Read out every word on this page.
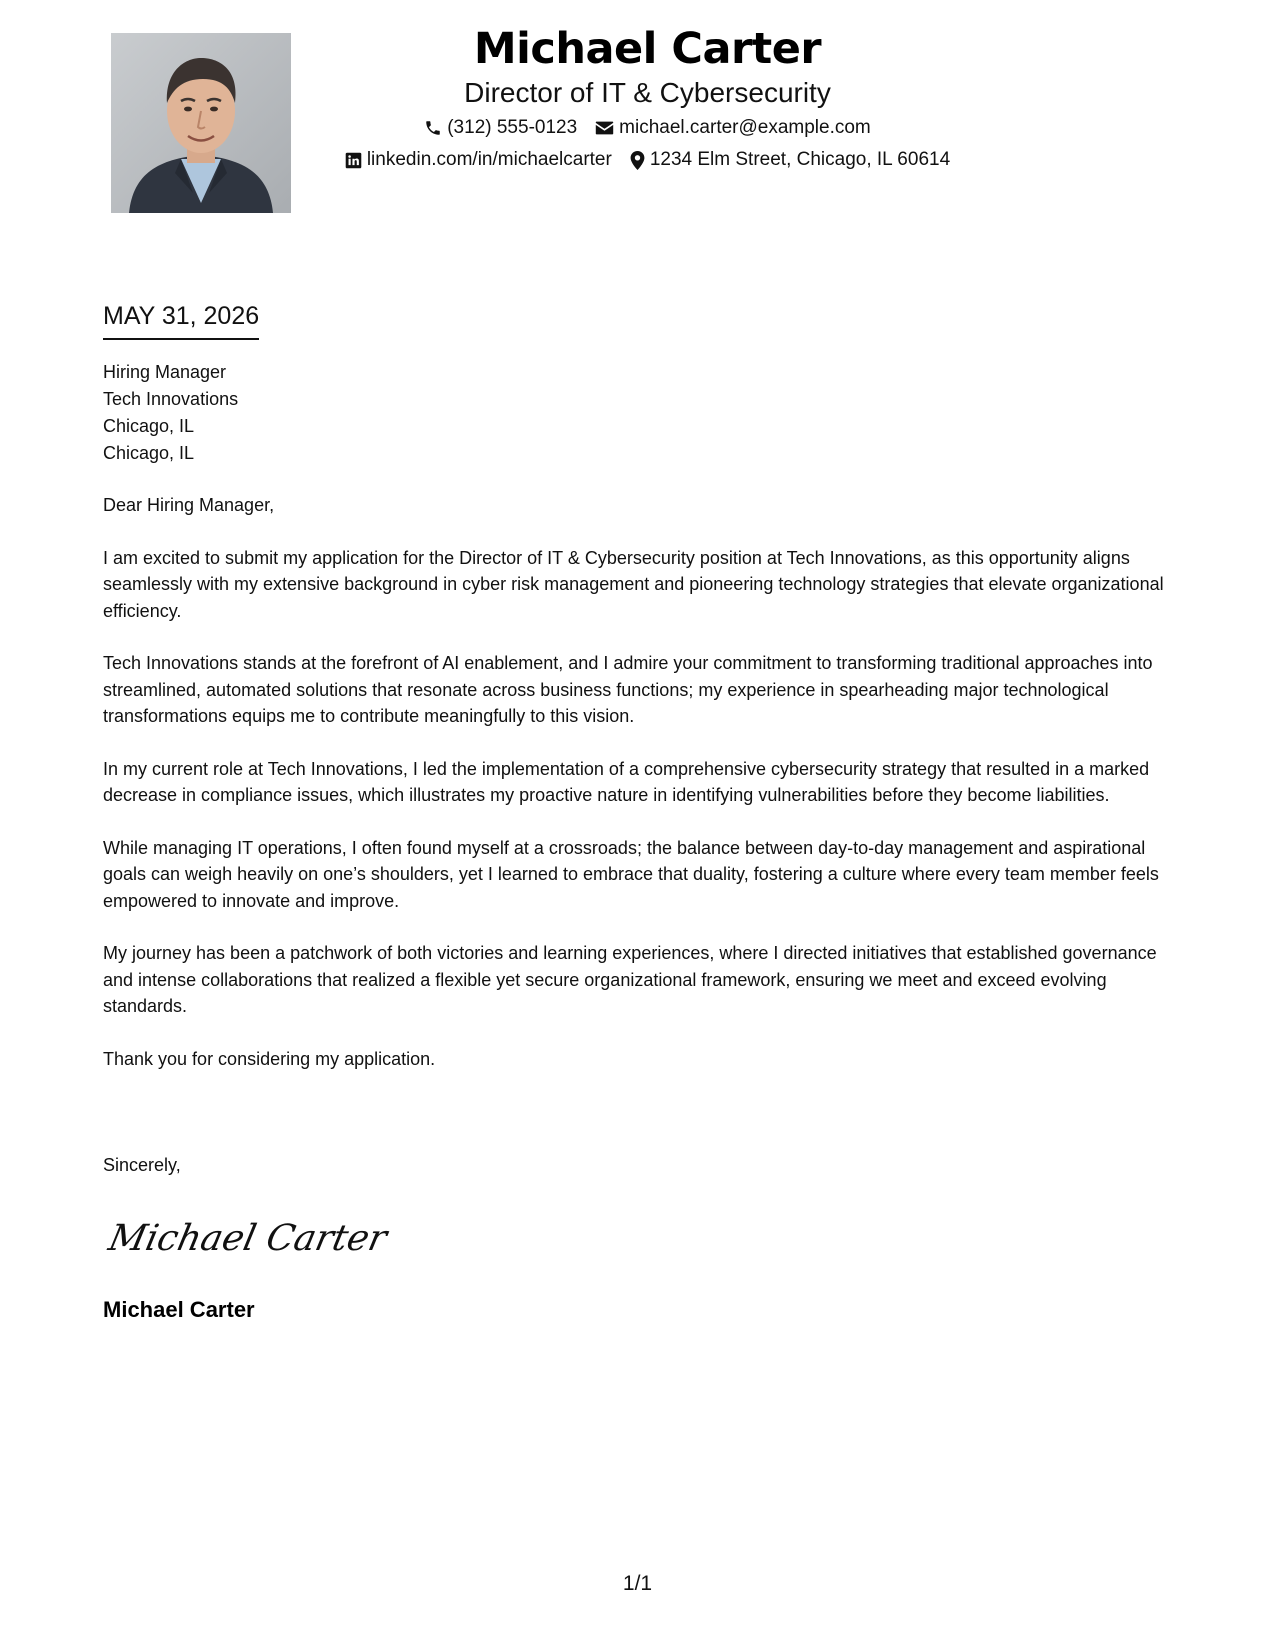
Michael Carter
Director of IT & Cybersecurity
(312) 555-0123 michael.carter@example.com
linkedin.com/in/michaelcarter 1234 Elm Street, Chicago, IL 60614
MAY 31, 2026
Hiring Manager
Tech Innovations
Chicago, IL
Chicago, IL

Dear Hiring Manager,

I am excited to submit my application for the Director of IT & Cybersecurity position at Tech Innovations, as this opportunity aligns seamlessly with my extensive background in cyber risk management and pioneering technology strategies that elevate organizational efficiency.

Tech Innovations stands at the forefront of AI enablement, and I admire your commitment to transforming traditional approaches into streamlined, automated solutions that resonate across business functions; my experience in spearheading major technological transformations equips me to contribute meaningfully to this vision.

In my current role at Tech Innovations, I led the implementation of a comprehensive cybersecurity strategy that resulted in a marked decrease in compliance issues, which illustrates my proactive nature in identifying vulnerabilities before they become liabilities.

While managing IT operations, I often found myself at a crossroads; the balance between day-to-day management and aspirational goals can weigh heavily on one’s shoulders, yet I learned to embrace that duality, fostering a culture where every team member feels empowered to innovate and improve.

My journey has been a patchwork of both victories and learning experiences, where I directed initiatives that established governance and intense collaborations that realized a flexible yet secure organizational framework, ensuring we meet and exceed evolving standards.

Thank you for considering my application.

Sincerely,
Michael Carter
Michael Carter
1/1
